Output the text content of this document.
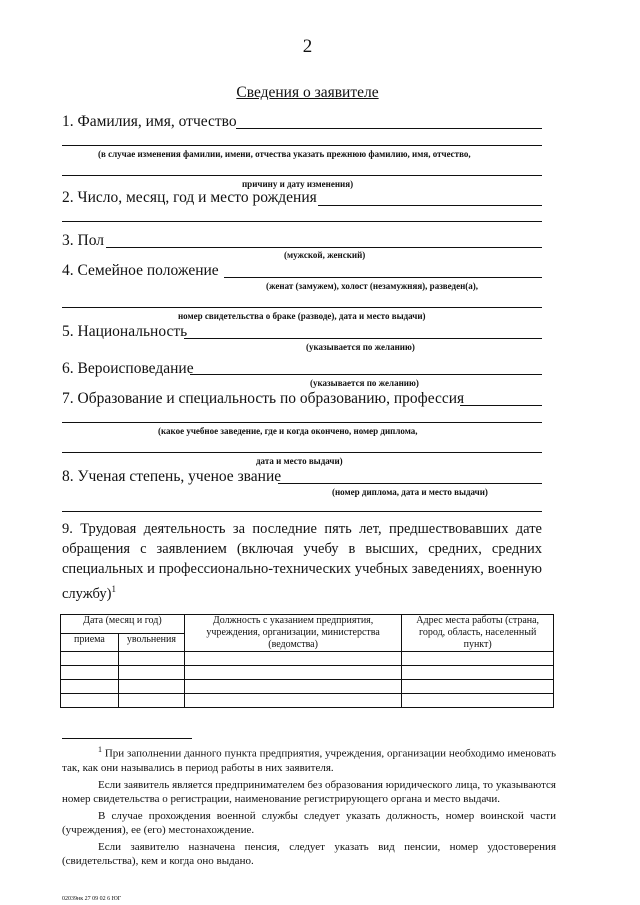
2
Сведения о заявителе
1. Фамилия, имя, отчество
(в случае изменения фамилии, имени, отчества указать прежнюю фамилию, имя, отчество,
причину и дату изменения)
2. Число, месяц, год и место рождения
3. Пол
(мужской, женский)
4. Семейное положение
(женат (замужем), холост (незамужняя), разведен(а),
номер свидетельства о браке (разводе), дата и место выдачи)
5. Национальность
(указывается по желанию)
6. Вероисповедание
(указывается по желанию)
7. Образование и специальность по образованию, профессия
(какое учебное заведение, где и когда окончено, номер диплома,
дата и место выдачи)
8. Ученая степень, ученое звание
(номер диплома, дата и место выдачи)
9. Трудовая деятельность за последние пять лет, предшествовавших дате обращения с заявлением (включая учебу в высших, средних, средних специальных и профессионально-технических учебных заведениях, военную службу)$^1$
Дата (месяц и год)		Должность с указанием предприятия, учреждения, организации, министерства (ведомства)	Адрес места работы (страна, город, область, населенный пункт)
приема	увольнения		

$^1$ При заполнении данного пункта предприятия, учреждения, организации необходимо именовать так, как они назывались в период работы в них заявителя.

Если заявитель является предпринимателем без образования юридического лица, то указываются номер свидетельства о регистрации, наименование регистрирующего органа и место выдачи.

В случае прохождения военной службы следует указать должность, номер воинской части (учреждения), ее (его) местонахождение.

Если заявителю назначена пенсия, следует указать вид пенсии, номер удостоверения (свидетельства), кем и когда оно выдано.

02039нк 27 09 02 6 ЮГ
